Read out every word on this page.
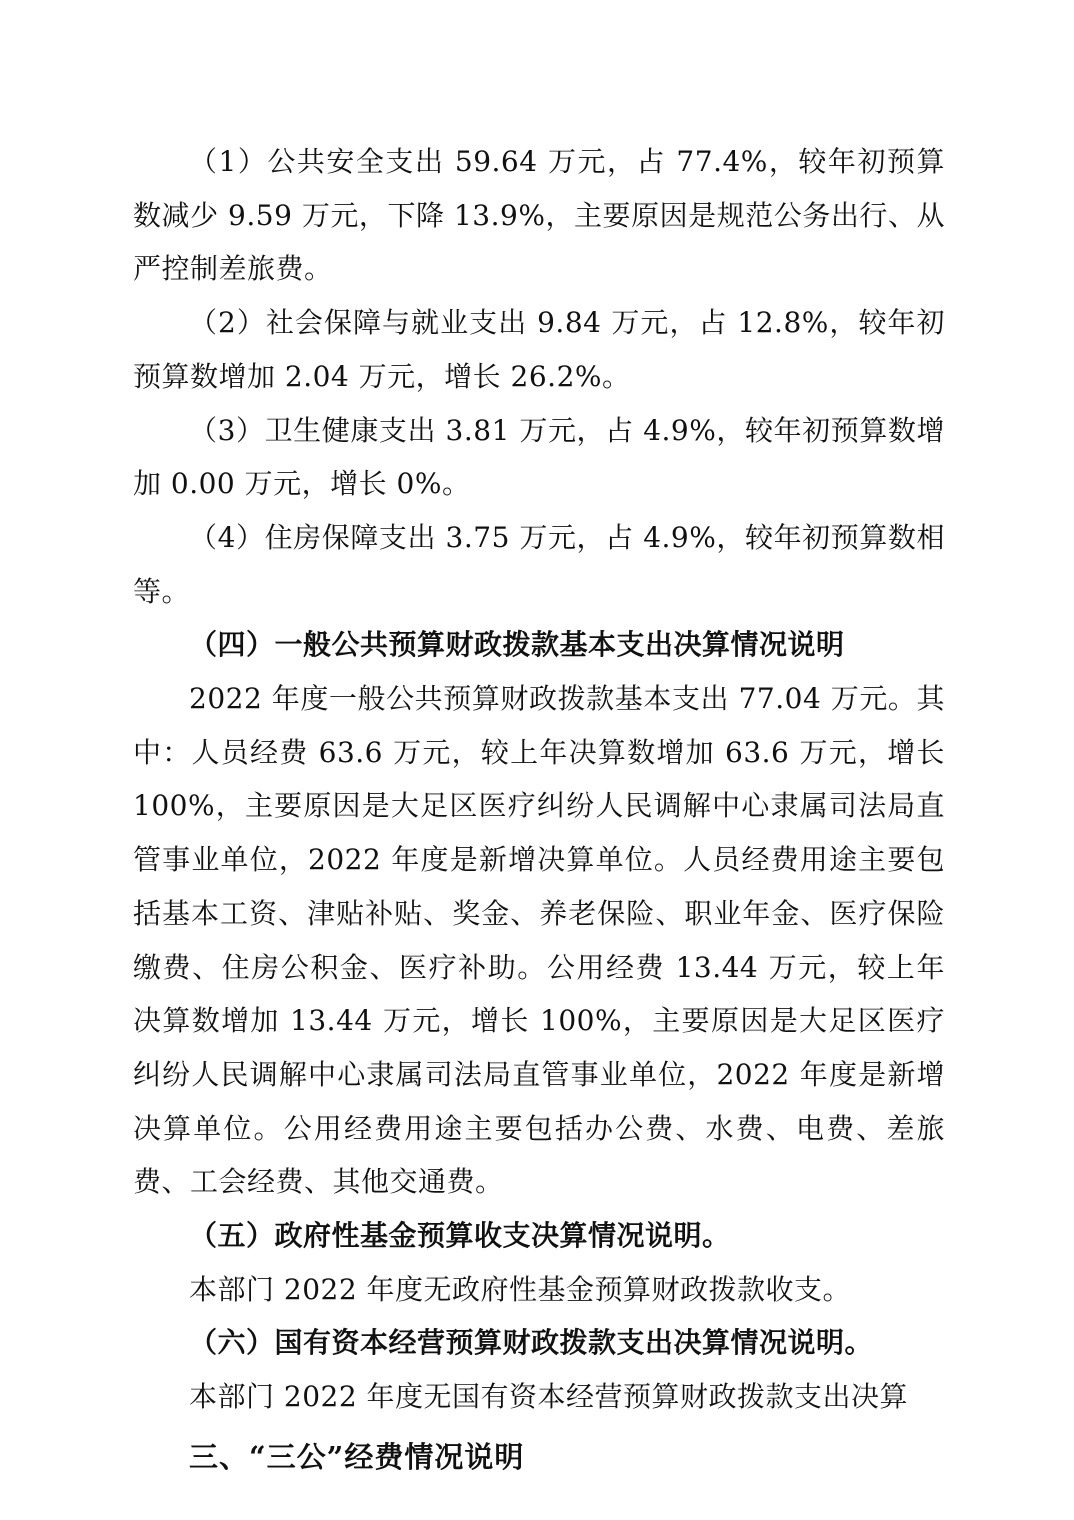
（1）公共安全支出 59.64 万元，占 77.4%，较年初预算数减少 9.59 万元，下降 13.9%，主要原因是规范公务出行、从严控制差旅费。

（2）社会保障与就业支出 9.84 万元，占 12.8%，较年初预算数增加 2.04 万元，增长 26.2%。

（3）卫生健康支出 3.81 万元，占 4.9%，较年初预算数增加 0.00 万元，增长 0%。

（4）住房保障支出 3.75 万元，占 4.9%，较年初预算数相等。

（四）一般公共预算财政拨款基本支出决算情况说明

2022 年度一般公共预算财政拨款基本支出 77.04 万元。其中：人员经费 63.6 万元，较上年决算数增加 63.6 万元，增长 100%，主要原因是大足区医疗纠纷人民调解中心隶属司法局直管事业单位，2022 年度是新增决算单位。人员经费用途主要包括基本工资、津贴补贴、奖金、养老保险、职业年金、医疗保险缴费、住房公积金、医疗补助。公用经费 13.44 万元，较上年决算数增加 13.44 万元，增长 100%，主要原因是大足区医疗纠纷人民调解中心隶属司法局直管事业单位，2022 年度是新增决算单位。公用经费用途主要包括办公费、水费、电费、差旅费、工会经费、其他交通费。

（五）政府性基金预算收支决算情况说明。

本部门 2022 年度无政府性基金预算财政拨款收支。

（六）国有资本经营预算财政拨款支出决算情况说明。

本部门 2022 年度无国有资本经营预算财政拨款支出决算

三、“三公”经费情况说明
